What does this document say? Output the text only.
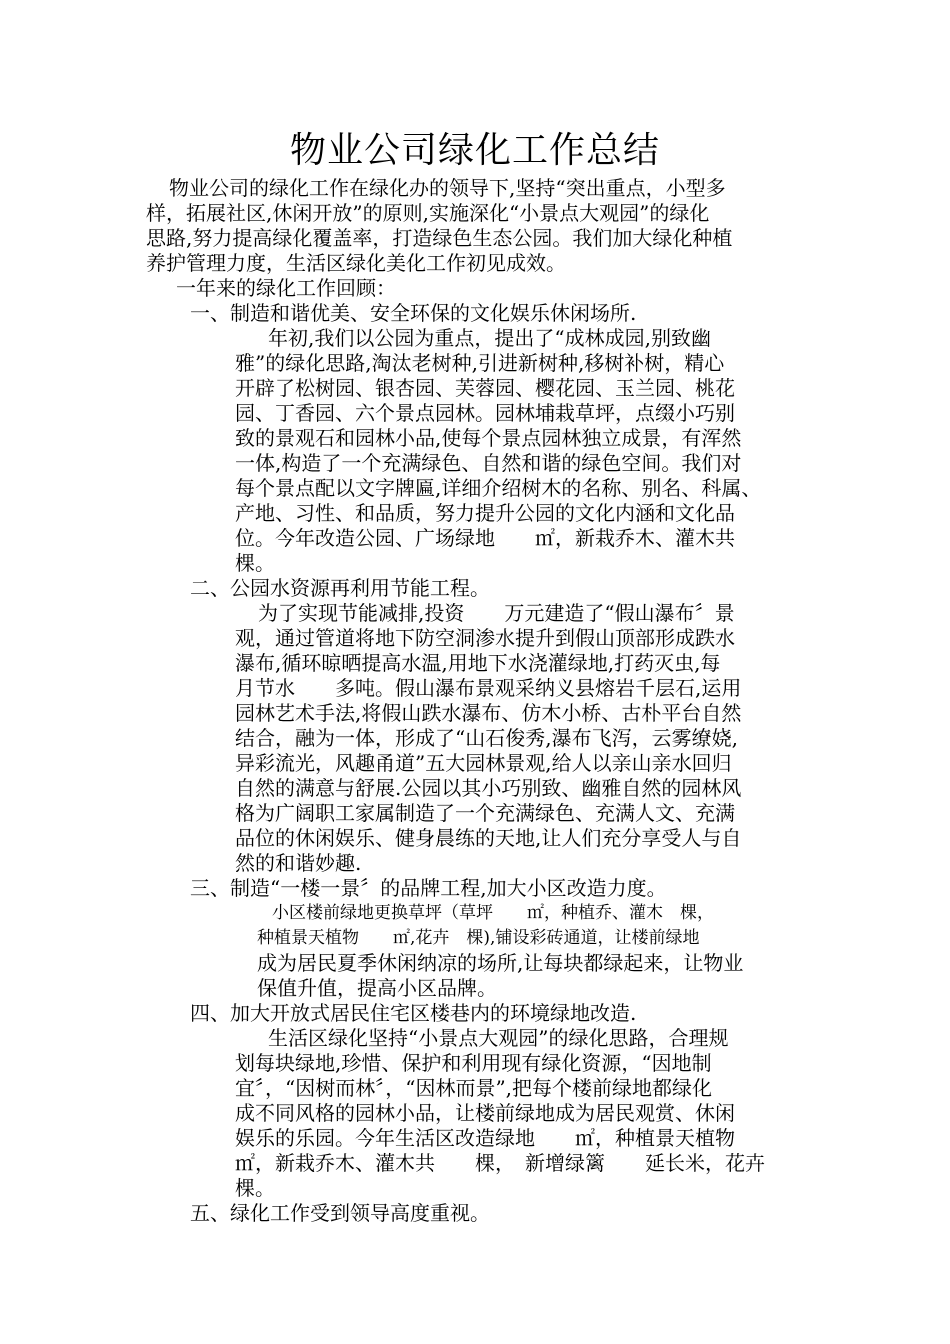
物业公司绿化工作总结

物业公司的绿化工作在绿化办的领导下,坚持“突出重点，小型多

样，拓展社区,休闲开放”的原则,实施深化“小景点大观园”的绿化

思路,努力提高绿化覆盖率，打造绿色生态公园。我们加大绿化种植

养护管理力度，生活区绿化美化工作初见成效。

一年来的绿化工作回顾：

一、制造和谐优美、安全环保的文化娱乐休闲场所.

年初,我们以公园为重点，提出了“成林成园,别致幽

雅”的绿化思路,淘汰老树种,引进新树种,移树补树，精心

开辟了松树园、银杏园、芙蓉园、樱花园、玉兰园、桃花

园、丁香园、六个景点园林。园林埔栽草坪，点缀小巧别

致的景观石和园林小品,使每个景点园林独立成景，有浑然

一体,构造了一个充满绿色、自然和谐的绿色空间。我们对

每个景点配以文字牌匾,详细介绍树木的名称、别名、科属、

产地、习性、和品质，努力提升公园的文化内涵和文化品

位。今年改造公园、广场绿地　　㎡，新栽乔木、灌木共

棵。

二、公园水资源再利用节能工程。

为了实现节能减排,投资　　万元建造了“假山瀑布〞景

观，通过管道将地下防空洞渗水提升到假山顶部形成跌水

瀑布,循环晾晒提高水温,用地下水浇灌绿地,打药灭虫,每

月节水　　多吨。假山瀑布景观采纳义县熔岩千层石,运用

园林艺术手法,将假山跌水瀑布、仿木小桥、古朴平台自然

结合，融为一体，形成了“山石俊秀,瀑布飞泻，云雾缭娆,

异彩流光，风趣甬道”五大园林景观,给人以亲山亲水回归

自然的满意与舒展.公园以其小巧别致、幽雅自然的园林风

格为广阔职工家属制造了一个充满绿色、充满人文、充满

品位的休闲娱乐、健身晨练的天地,让人们充分享受人与自

然的和谐妙趣.

三、制造“一楼一景〞的品牌工程,加大小区改造力度。

小区楼前绿地更换草坪（草坪　　㎡，种植乔、灌木　棵，

种植景天植物　　㎡,花卉　棵),铺设彩砖通道，让楼前绿地

成为居民夏季休闲纳凉的场所,让每块都绿起来，让物业

保值升值，提高小区品牌。

四、加大开放式居民住宅区楼巷内的环境绿地改造.

生活区绿化坚持“小景点大观园”的绿化思路，合理规

划每块绿地,珍惜、保护和利用现有绿化资源，“因地制

宜〞，“因树而林〞，“因林而景”,把每个楼前绿地都绿化

成不同风格的园林小品，让楼前绿地成为居民观赏、休闲

娱乐的乐园。今年生活区改造绿地　　㎡，种植景天植物

㎡，新栽乔木、灌木共　　棵，　新增绿篱　　延长米，花卉

棵。

五、绿化工作受到领导高度重视。
